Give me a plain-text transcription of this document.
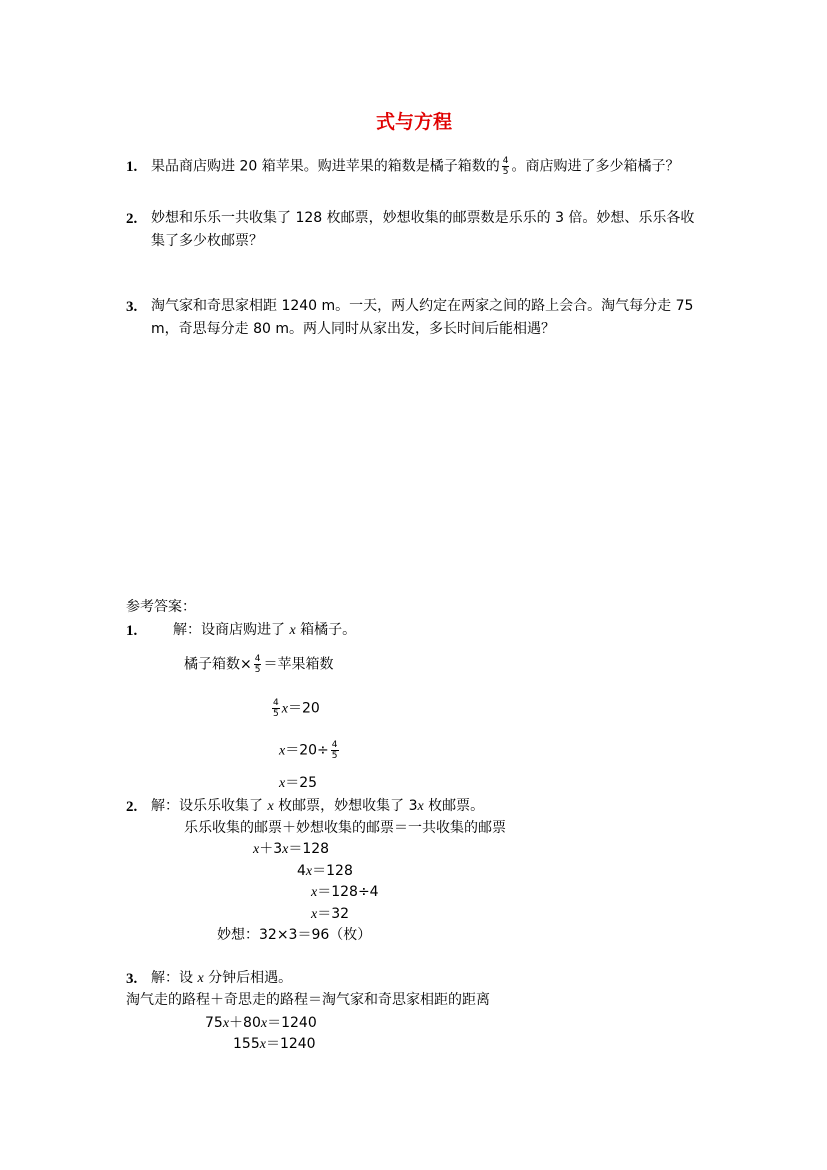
式与方程
1. 果品商店购进 20 箱苹果。购进苹果的箱数是橘子箱数的 $\frac{4}{5}$ 。商店购进了多少箱橘子？
2. 妙想和乐乐一共收集了 128 枚邮票，妙想收集的邮票数是乐乐的 3 倍。妙想、乐乐各收
集了多少枚邮票？
3. 淘气家和奇思家相距 1240 m。一天，两人约定在两家之间的路上会合。淘气每分走 75
m，奇思每分走 80 m。两人同时从家出发，多长时间后能相遇？
参考答案：
1.	解：设商店购进了 x 箱橘子。
橘子箱数× $\frac{4}{5}$ ＝苹果箱数
$\frac{4}{5} x=20$
$x=20\div \frac{4}{5}$
x＝25
2. 解：设乐乐收集了 x 枚邮票，妙想收集了 3x 枚邮票。
乐乐收集的邮票＋妙想收集的邮票＝一共收集的邮票
x＋3x＝128
4x＝128
x＝128÷4
x＝32
妙想：32×3＝96（枚）
3. 解：设 x 分钟后相遇。
淘气走的路程＋奇思走的路程＝淘气家和奇思家相距的距离
75x＋80x＝1240
155x＝1240
